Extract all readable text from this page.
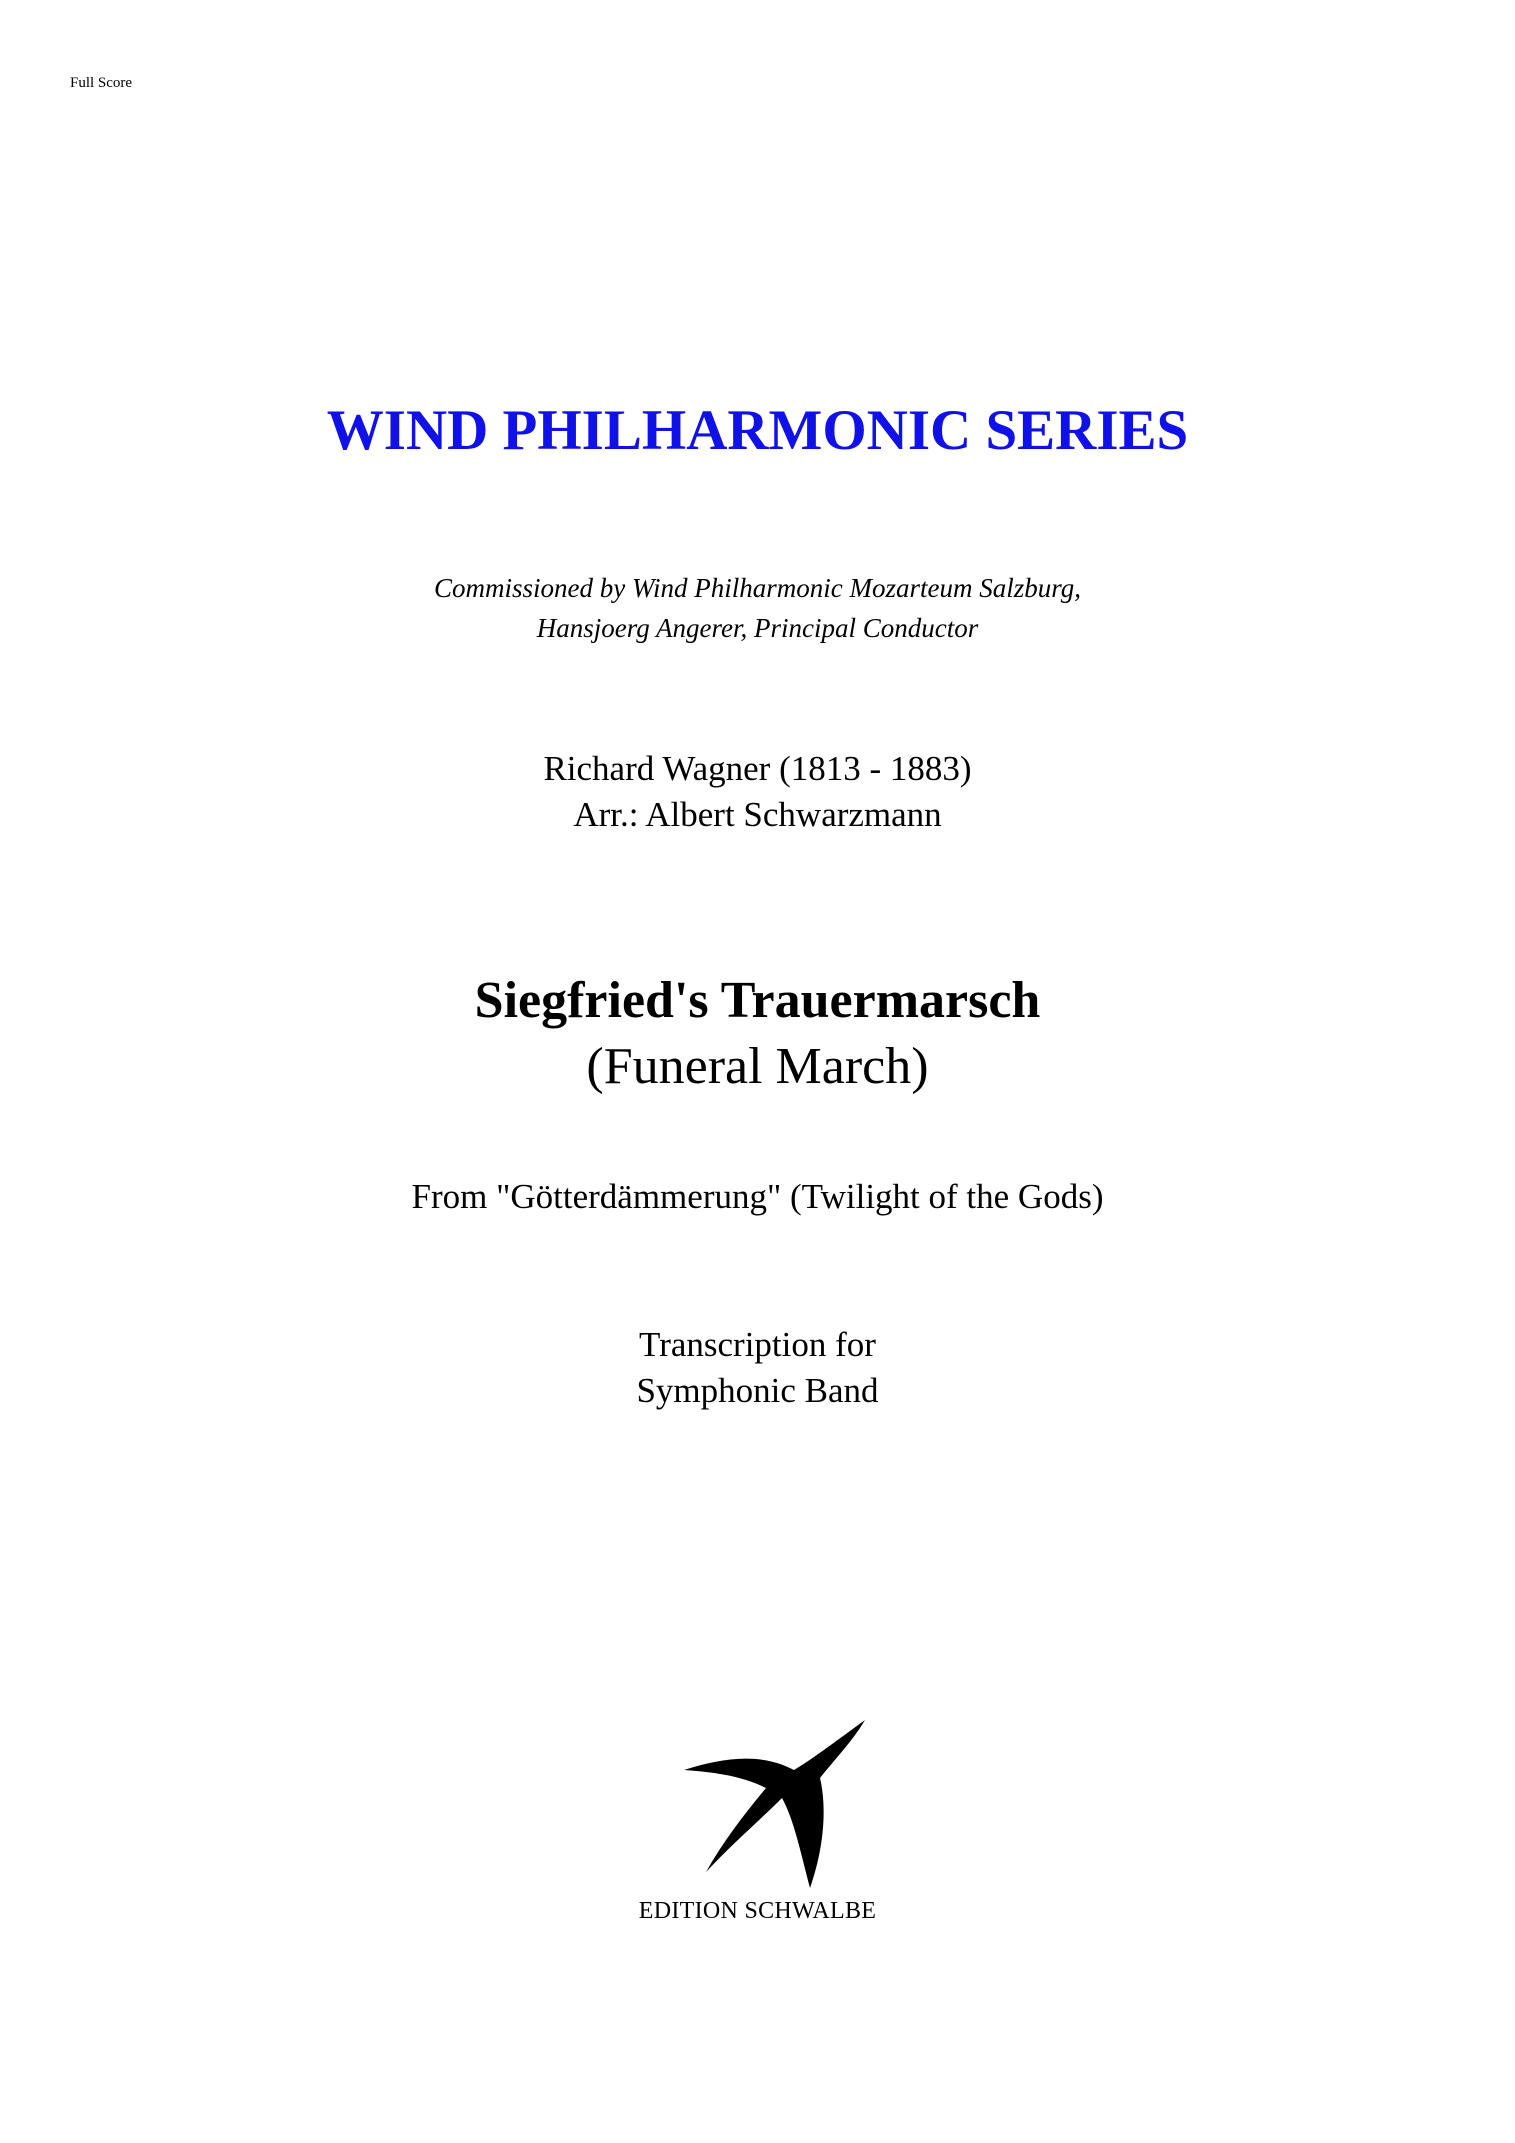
Full Score
WIND PHILHARMONIC SERIES
Commissioned by Wind Philharmonic Mozarteum Salzburg,
Hansjoerg Angerer, Principal Conductor
Richard Wagner (1813 - 1883)
Arr.: Albert Schwarzmann
Siegfried's Trauermarsch
(Funeral March)
From "Götterdämmerung" (Twilight of the Gods)
Transcription for
Symphonic Band
EDITION SCHWALBE
